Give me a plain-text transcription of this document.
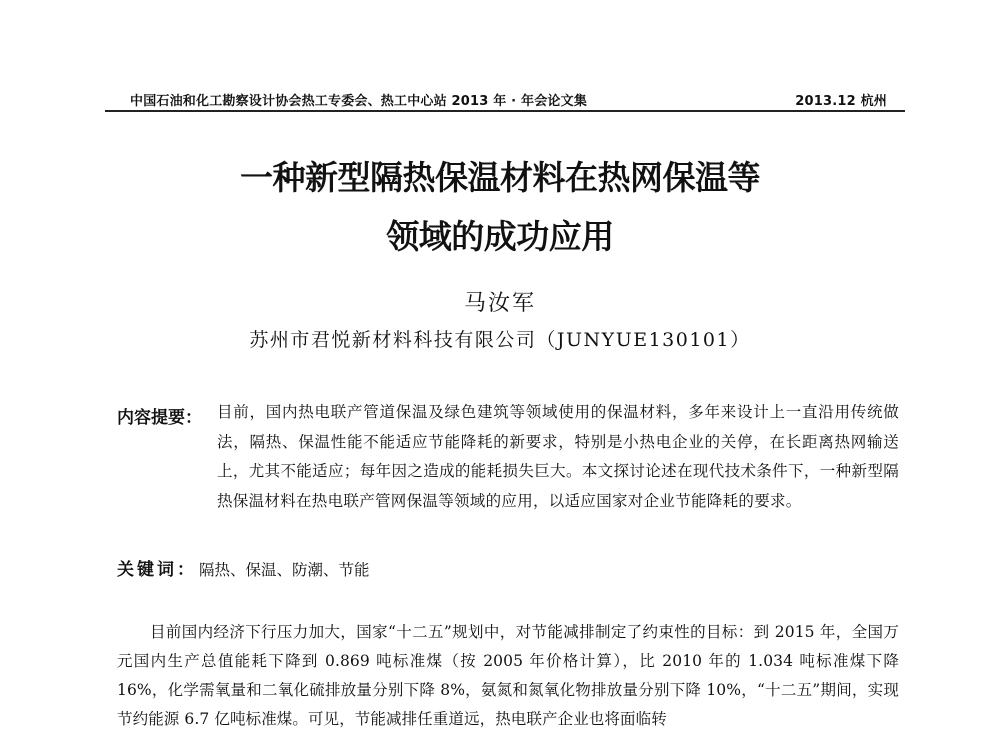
中国石油和化工勘察设计协会热工专委会、热工中心站 2013 年 · 年会论文集	2013.12 杭州
一种新型隔热保温材料在热网保温等
领域的成功应用
马汝军
苏州市君悦新材料科技有限公司（JUNYUE130101）
内容提要： 目前，国内热电联产管道保温及绿色建筑等领域使用的保温材料，多年来设计上一直沿用传统做法，隔热、保温性能不能适应节能降耗的新要求，特别是小热电企业的关停，在长距离热网输送上，尤其不能适应；每年因之造成的能耗损失巨大。本文探讨论述在现代技术条件下，一种新型隔热保温材料在热电联产管网保温等领域的应用，以适应国家对企业节能降耗的要求。
关键词： 隔热、保温、防潮、节能
目前国内经济下行压力加大，国家“十二五”规划中，对节能减排制定了约束性的目标：到 2015 年，全国万元国内生产总值能耗下降到 0.869 吨标准煤（按 2005 年价格计算），比 2010 年的 1.034 吨标准煤下降 16%，化学需氧量和二氧化硫排放量分别下降 8%，氨氮和氮氧化物排放量分别下降 10%，“十二五”期间，实现节约能源 6.7 亿吨标准煤。可见，节能减排任重道远，热电联产企业也将面临转
